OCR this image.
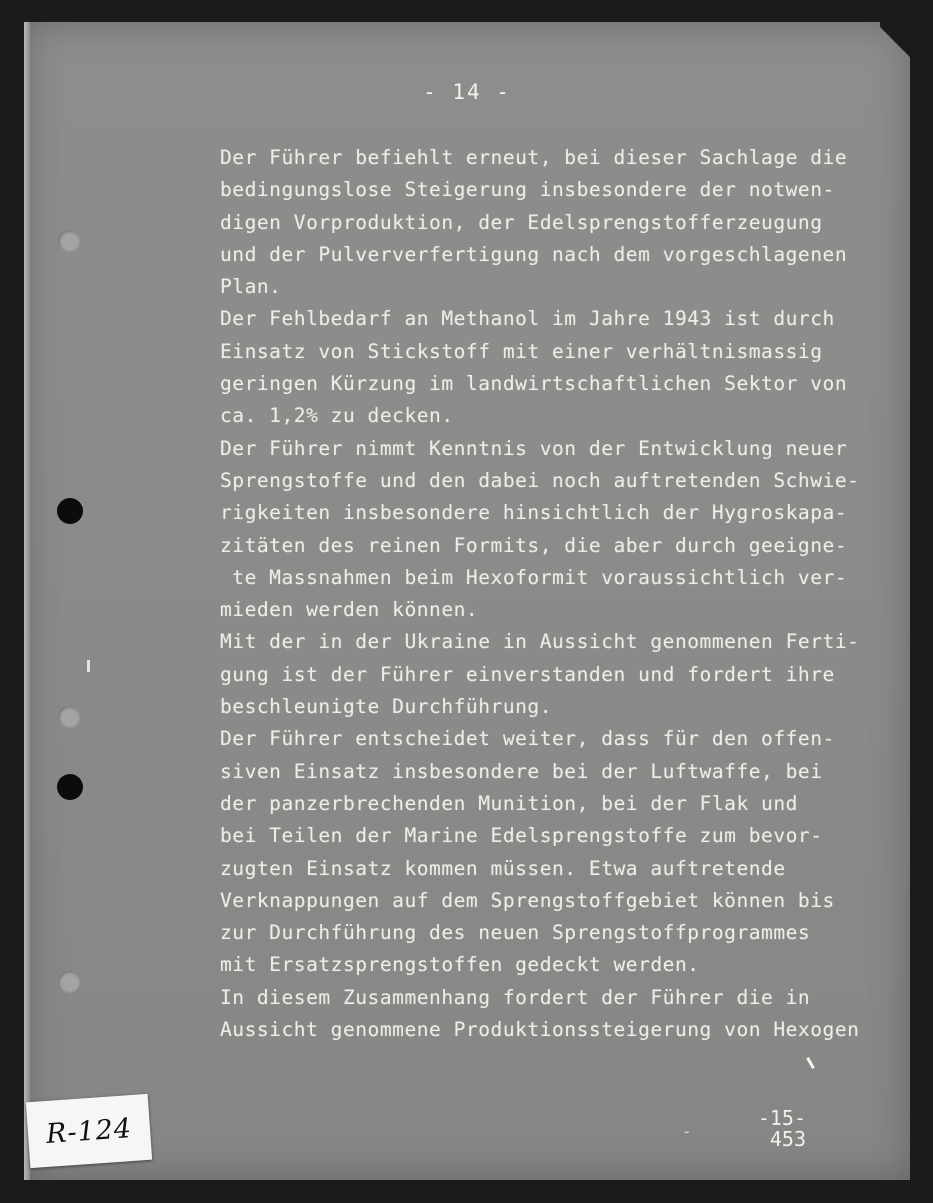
- 14 -
Der Führer befiehlt erneut, bei dieser Sachlage die
bedingungslose Steigerung insbesondere der notwen-
digen Vorproduktion, der Edelsprengstofferzeugung
und der Pulververfertigung nach dem vorgeschlagenen
Plan.
Der Fehlbedarf an Methanol im Jahre 1943 ist durch
Einsatz von Stickstoff mit einer verhältnismassig
geringen Kürzung im landwirtschaftlichen Sektor von
ca. 1,2% zu decken.
Der Führer nimmt Kenntnis von der Entwicklung neuer
Sprengstoffe und den dabei noch auftretenden Schwie-
rigkeiten insbesondere hinsichtlich der Hygroskapa-
zitäten des reinen Formits, die aber durch geeigne-
te Massnahmen beim Hexoformit voraussichtlich ver-
mieden werden können.
Mit der in der Ukraine in Aussicht genommenen Ferti-
gung ist der Führer einverstanden und fordert ihre
beschleunigte Durchführung.
Der Führer entscheidet weiter, dass für den offen-
siven Einsatz insbesondere bei der Luftwaffe, bei
der panzerbrechenden Munition, bei der Flak und
bei Teilen der Marine Edelsprengstoffe zum bevor-
zugten Einsatz kommen müssen. Etwa auftretende
Verknappungen auf dem Sprengstoffgebiet können bis
zur Durchführung des neuen Sprengstoffprogrammes
mit Ersatzsprengstoffen gedeckt werden.
In diesem Zusammenhang fordert der Führer die in
Aussicht genommene Produktionssteigerung von Hexogen
-
-15-
453
R-124
